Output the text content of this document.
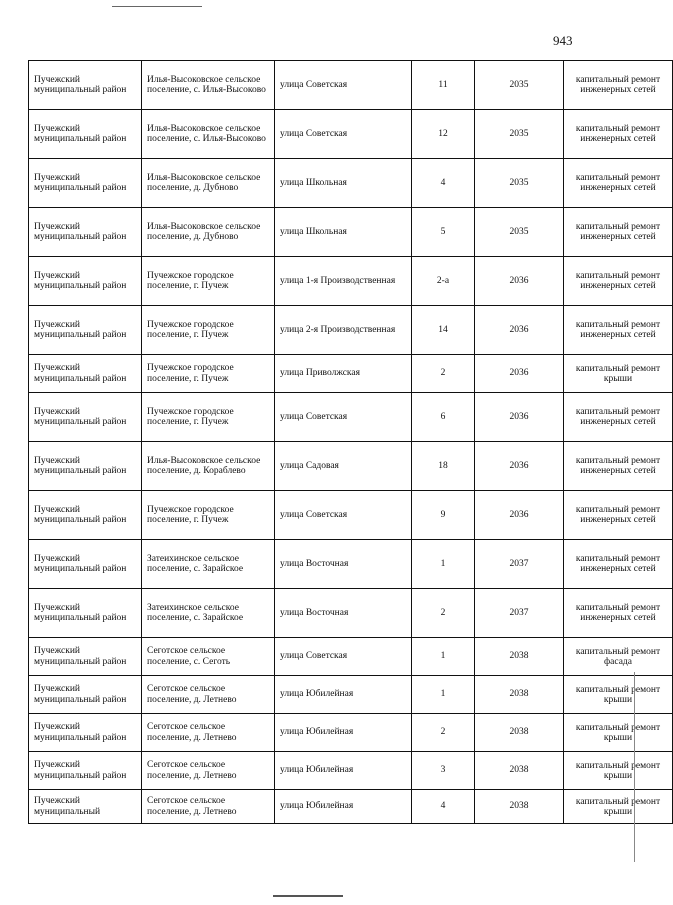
943
Пучежский муниципальный район	Илья-Высоковское сельское поселение, с. Илья-Высоково	улица Советская	11	2035	капитальный ремонт инженерных сетей
Пучежский муниципальный район	Илья-Высоковское сельское поселение, с. Илья-Высоково	улица Советская	12	2035	капитальный ремонт инженерных сетей
Пучежский муниципальный район	Илья-Высоковское сельское поселение, д. Дубново	улица Школьная	4	2035	капитальный ремонт инженерных сетей
Пучежский муниципальный район	Илья-Высоковское сельское поселение, д. Дубново	улица Школьная	5	2035	капитальный ремонт инженерных сетей
Пучежский муниципальный район	Пучежское городское поселение, г. Пучеж	улица 1-я Производственная	2-а	2036	капитальный ремонт инженерных сетей
Пучежский муниципальный район	Пучежское городское поселение, г. Пучеж	улица 2-я Производственная	14	2036	капитальный ремонт инженерных сетей
Пучежский муниципальный район	Пучежское городское поселение, г. Пучеж	улица Приволжская	2	2036	капитальный ремонт крыши
Пучежский муниципальный район	Пучежское городское поселение, г. Пучеж	улица Советская	6	2036	капитальный ремонт инженерных сетей
Пучежский муниципальный район	Илья-Высоковское сельское поселение, д. Кораблево	улица Садовая	18	2036	капитальный ремонт инженерных сетей
Пучежский муниципальный район	Пучежское городское поселение, г. Пучеж	улица Советская	9	2036	капитальный ремонт инженерных сетей
Пучежский муниципальный район	Затеихинское сельское поселение, с. Зарайское	улица Восточная	1	2037	капитальный ремонт инженерных сетей
Пучежский муниципальный район	Затеихинское сельское поселение, с. Зарайское	улица Восточная	2	2037	капитальный ремонт инженерных сетей
Пучежский муниципальный район	Сеготское сельское поселение, с. Сеготь	улица Советская	1	2038	капитальный ремонт фасада
Пучежский муниципальный район	Сеготское сельское поселение, д. Летнево	улица Юбилейная	1	2038	капитальный ремонт крыши
Пучежский муниципальный район	Сеготское сельское поселение, д. Летнево	улица Юбилейная	2	2038	капитальный ремонт крыши
Пучежский муниципальный район	Сеготское сельское поселение, д. Летнево	улица Юбилейная	3	2038	капитальный ремонт крыши
Пучежский муниципальный	Сеготское сельское поселение, д. Летнево	улица Юбилейная	4	2038	капитальный ремонт крыши
